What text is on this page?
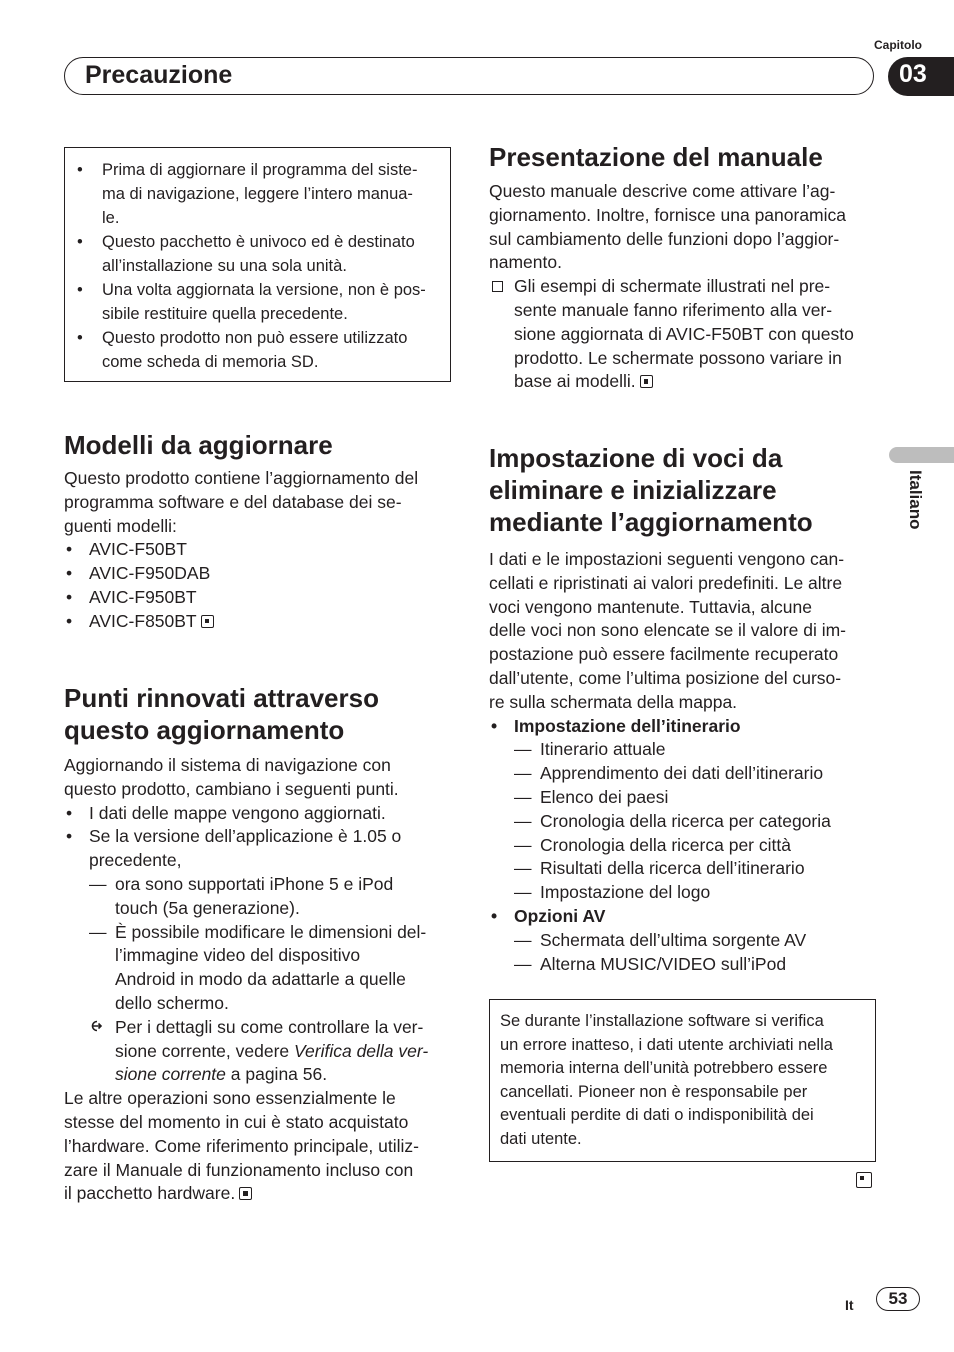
Capitolo
Precauzione	03
Italiano
• Prima di aggiornare il programma del siste-
ma di navigazione, leggere l’intero manua-
le.
• Questo pacchetto è univoco ed è destinato
all’installazione su una sola unità.
• Una volta aggiornata la versione, non è pos-
sibile restituire quella precedente.
• Questo prodotto non può essere utilizzato
come scheda di memoria SD.
Modelli da aggiornare
Questo prodotto contiene l’aggiornamento del
programma software e del database dei se-
guenti modelli:
• AVIC-F50BT
• AVIC-F950DAB
• AVIC-F950BT
• AVIC-F850BT
Punti rinnovati attraverso
questo aggiornamento
Aggiornando il sistema di navigazione con
questo prodotto, cambiano i seguenti punti.
• I dati delle mappe vengono aggiornati.
• Se la versione dell’applicazione è 1.05 o
precedente,
— ora sono supportati iPhone 5 e iPod
touch (5a generazione).
— È possibile modificare le dimensioni del-
l’immagine video del dispositivo
Android in modo da adattarle a quelle
dello schermo.
Per i dettagli su come controllare la ver-
sione corrente, vedere Verifica della ver-
sione corrente a pagina 56.
Le altre operazioni sono essenzialmente le
stesse del momento in cui è stato acquistato
l’hardware. Come riferimento principale, utiliz-
zare il Manuale di funzionamento incluso con
il pacchetto hardware.
Presentazione del manuale
Questo manuale descrive come attivare l’ag-
giornamento. Inoltre, fornisce una panoramica
sul cambiamento delle funzioni dopo l’aggior-
namento.
Gli esempi di schermate illustrati nel pre-
sente manuale fanno riferimento alla ver-
sione aggiornata di AVIC-F50BT con questo
prodotto. Le schermate possono variare in
base ai modelli.
Impostazione di voci da
eliminare e inizializzare
mediante l’aggiornamento
I dati e le impostazioni seguenti vengono can-
cellati e ripristinati ai valori predefiniti. Le altre
voci vengono mantenute. Tuttavia, alcune
delle voci non sono elencate se il valore di im-
postazione può essere facilmente recuperato
dall’utente, come l’ultima posizione del curso-
re sulla schermata della mappa.
• Impostazione dell’itinerario
— Itinerario attuale
— Apprendimento dei dati dell’itinerario
— Elenco dei paesi
— Cronologia della ricerca per categoria
— Cronologia della ricerca per città
— Risultati della ricerca dell’itinerario
— Impostazione del logo
• Opzioni AV
— Schermata dell’ultima sorgente AV
— Alterna MUSIC/VIDEO sull’iPod
Se durante l’installazione software si verifica
un errore inatteso, i dati utente archiviati nella
memoria interna dell’unità potrebbero essere
cancellati. Pioneer non è responsabile per
eventuali perdite di dati o indisponibilità dei
dati utente.
It	53
